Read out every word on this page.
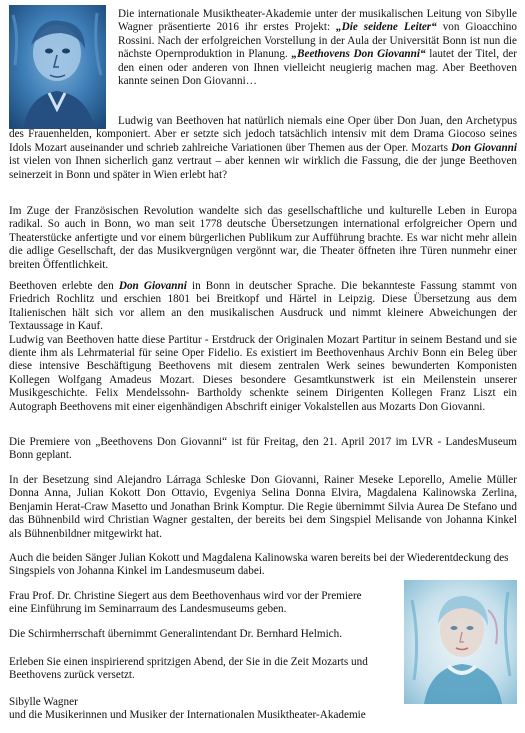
Die internationale Musiktheater-Akademie unter der musikalischen Leitung von Sibylle Wagner präsentierte 2016 ihr erstes Projekt: „Die seidene Leiter“ von Gioacchino Rossini. Nach der erfolgreichen Vorstellung in der Aula der Universität Bonn ist nun die nächste Opernproduktion in Planung. „Beethovens Don Giovanni“ lautet der Titel, der den einen oder anderen von Ihnen vielleicht neugierig machen mag. Aber Beethoven kannte seinen Don Giovanni…

Ludwig van Beethoven hat natürlich niemals eine Oper über Don Juan, den Archetypus des Frauenhelden, komponiert. Aber er setzte sich jedoch tatsächlich intensiv mit dem Drama Giocoso seines Idols Mozart auseinander und schrieb zahlreiche Variationen über Themen aus der Oper. Mozarts Don Giovanni ist vielen von Ihnen sicherlich ganz vertraut – aber kennen wir wirklich die Fassung, die der junge Beethoven seinerzeit in Bonn und später in Wien erlebt hat?

Im Zuge der Französischen Revolution wandelte sich das gesellschaftliche und kulturelle Leben in Europa radikal. So auch in Bonn, wo man seit 1778 deutsche Übersetzungen international erfolgreicher Opern und Theaterstücke anfertigte und vor einem bürgerlichen Publikum zur Aufführung brachte. Es war nicht mehr allein die adlige Gesellschaft, der das Musikvergnügen vergönnt war, die Theater öffneten ihre Türen nunmehr einer breiten Öffentlichkeit.

Beethoven erlebte den Don Giovanni in Bonn in deutscher Sprache. Die bekannteste Fassung stammt von Friedrich Rochlitz und erschien 1801 bei Breitkopf und Härtel in Leipzig. Diese Übersetzung aus dem Italienischen hält sich vor allem an den musikalischen Ausdruck und nimmt kleinere Abweichungen der Textaussage in Kauf.
Ludwig van Beethoven hatte diese Partitur - Erstdruck der Originalen Mozart Partitur in seinem Bestand und sie diente ihm als Lehrmaterial für seine Oper Fidelio. Es existiert im Beethovenhaus Archiv Bonn ein Beleg über diese intensive Beschäftigung Beethovens mit diesem zentralen Werk seines bewunderten Komponisten Kollegen Wolfgang Amadeus Mozart. Dieses besondere Gesamtkunstwerk ist ein Meilenstein unserer Musikgeschichte. Felix Mendelssohn- Bartholdy schenkte seinem Dirigenten Kollegen Franz Liszt ein Autograph Beethovens mit einer eigenhändigen Abschrift einiger Vokalstellen aus Mozarts Don Giovanni.

Die Premiere von „Beethovens Don Giovanni“ ist für Freitag, den 21. April 2017 im LVR - LandesMuseum Bonn geplant.

In der Besetzung sind Alejandro Lárraga Schleske Don Giovanni, Rainer Meseke Leporello, Amelie Müller Donna Anna, Julian Kokott Don Ottavio, Evgeniya Selina Donna Elvira, Magdalena Kalinowska Zerlina, Benjamin Herat-Craw Masetto und Jonathan Brink Komptur. Die Regie übernimmt Silvia Aurea De Stefano und das Bühnenbild wird Christian Wagner gestalten, der bereits bei dem Singspiel Melisande von Johanna Kinkel als Bühnenbildner mitgewirkt hat.

Auch die beiden Sänger Julian Kokott und Magdalena Kalinowska waren bereits bei der Wiederentdeckung des Singspiels von Johanna Kinkel im Landesmuseum dabei.

Frau Prof. Dr. Christine Siegert aus dem Beethovenhaus wird vor der Premiere eine Einführung im Seminarraum des Landesmuseums geben.

Die Schirmherrschaft übernimmt Generalintendant Dr. Bernhard Helmich.

Erleben Sie einen inspirierend spritzigen Abend, der Sie in die Zeit Mozarts und Beethovens zurück versetzt.

Sibylle Wagner
und die Musikerinnen und Musiker der Internationalen Musiktheater-Akademie
